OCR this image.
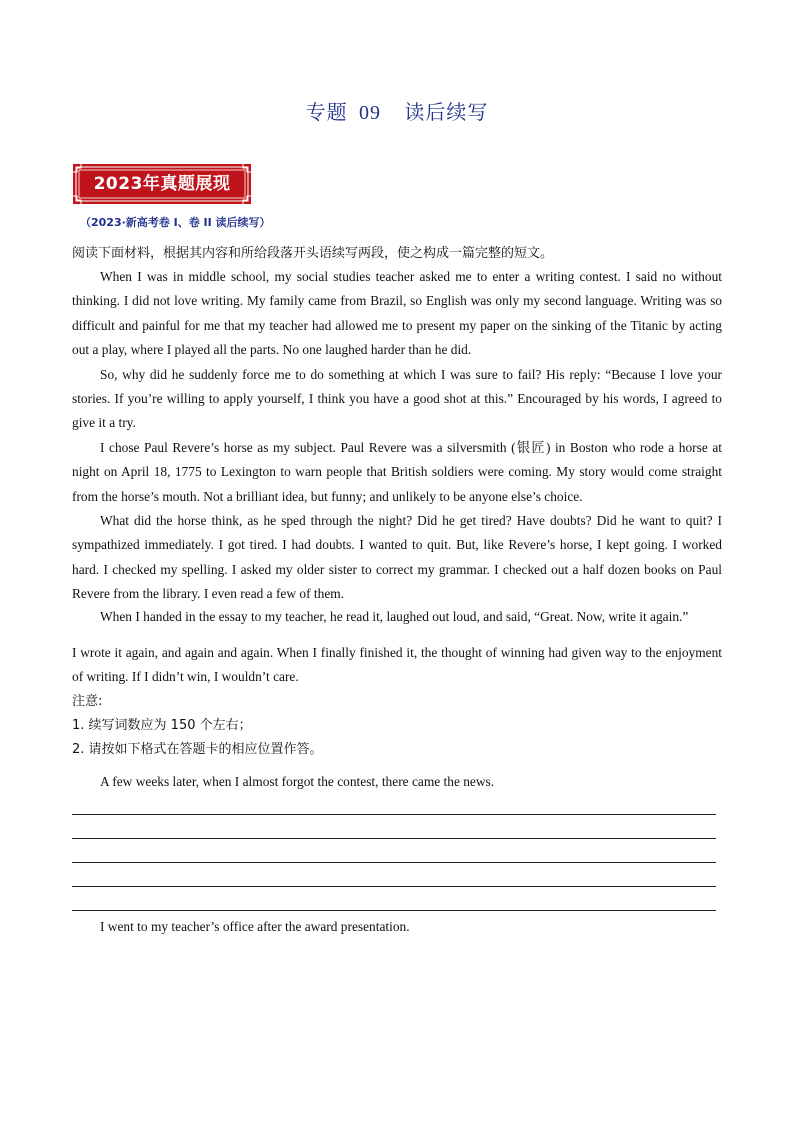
专题 09 读后续写
2023年真题展现
（2023·新高考卷 I、卷 II 读后续写）
阅读下面材料，根据其内容和所给段落开头语续写两段，使之构成一篇完整的短文。

When I was in middle school, my social studies teacher asked me to enter a writing contest. I said no without thinking. I did not love writing. My family came from Brazil, so English was only my second language. Writing was so difficult and painful for me that my teacher had allowed me to present my paper on the sinking of the Titanic by acting out a play, where I played all the parts. No one laughed harder than he did.

So, why did he suddenly force me to do something at which I was sure to fail? His reply: “Because I love your stories. If you’re willing to apply yourself, I think you have a good shot at this.” Encouraged by his words, I agreed to give it a try.

I chose Paul Revere’s horse as my subject. Paul Revere was a silversmith (银匠) in Boston who rode a horse at night on April 18, 1775 to Lexington to warn people that British soldiers were coming. My story would come straight from the horse’s mouth. Not a brilliant idea, but funny; and unlikely to be anyone else’s choice.

What did the horse think, as he sped through the night? Did he get tired? Have doubts? Did he want to quit? I sympathized immediately. I got tired. I had doubts. I wanted to quit. But, like Revere’s horse, I kept going. I worked hard. I checked my spelling. I asked my older sister to correct my grammar. I checked out a half dozen books on Paul Revere from the library. I even read a few of them.

When I handed in the essay to my teacher, he read it, laughed out loud, and said, “Great. Now, write it again.”

I wrote it again, and again and again. When I finally finished it, the thought of winning had given way to the enjoyment of writing. If I didn’t win, I wouldn’t care.

注意:
1. 续写词数应为 150 个左右；
2. 请按如下格式在答题卡的相应位置作答。
A few weeks later, when I almost forgot the contest, there came the news.
I went to my teacher’s office after the award presentation.
